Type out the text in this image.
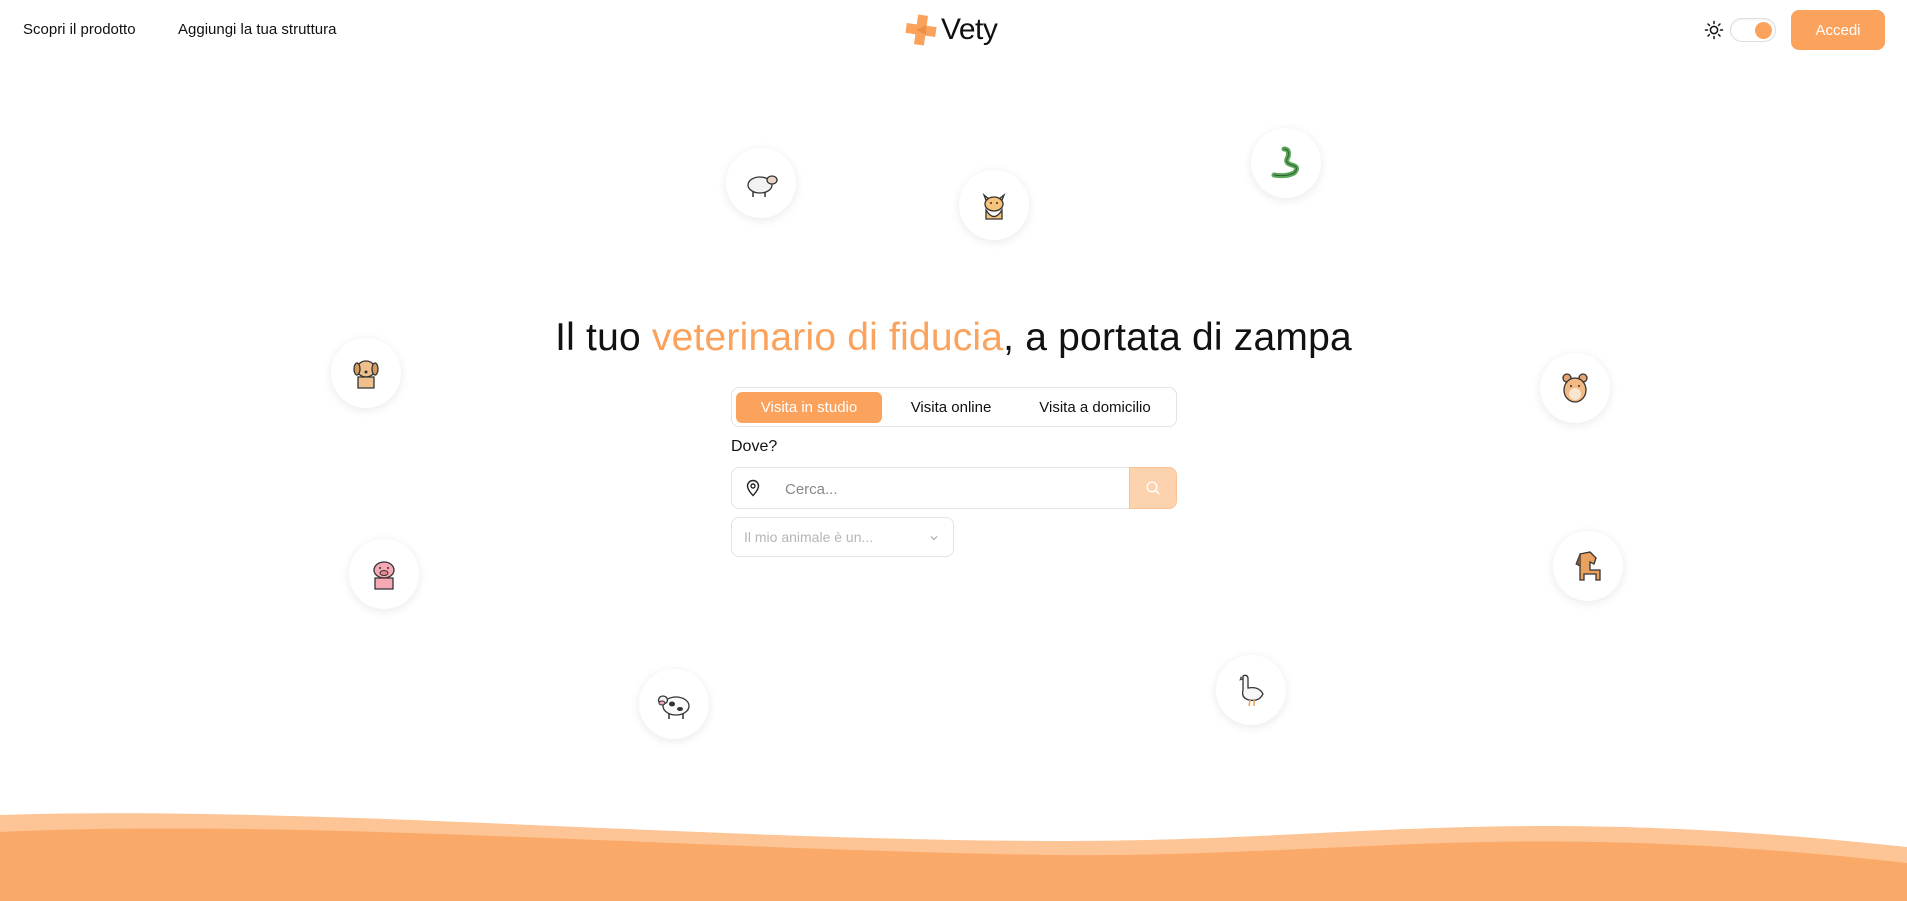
Scopri il prodotto	Aggiungi la tua struttura	Vety	Accedi
Il tuo veterinario di fiducia, a portata di zampa
Visita in studio	Visita online	Visita a domicilio
Dove?
Cerca...
Il mio animale è un...
